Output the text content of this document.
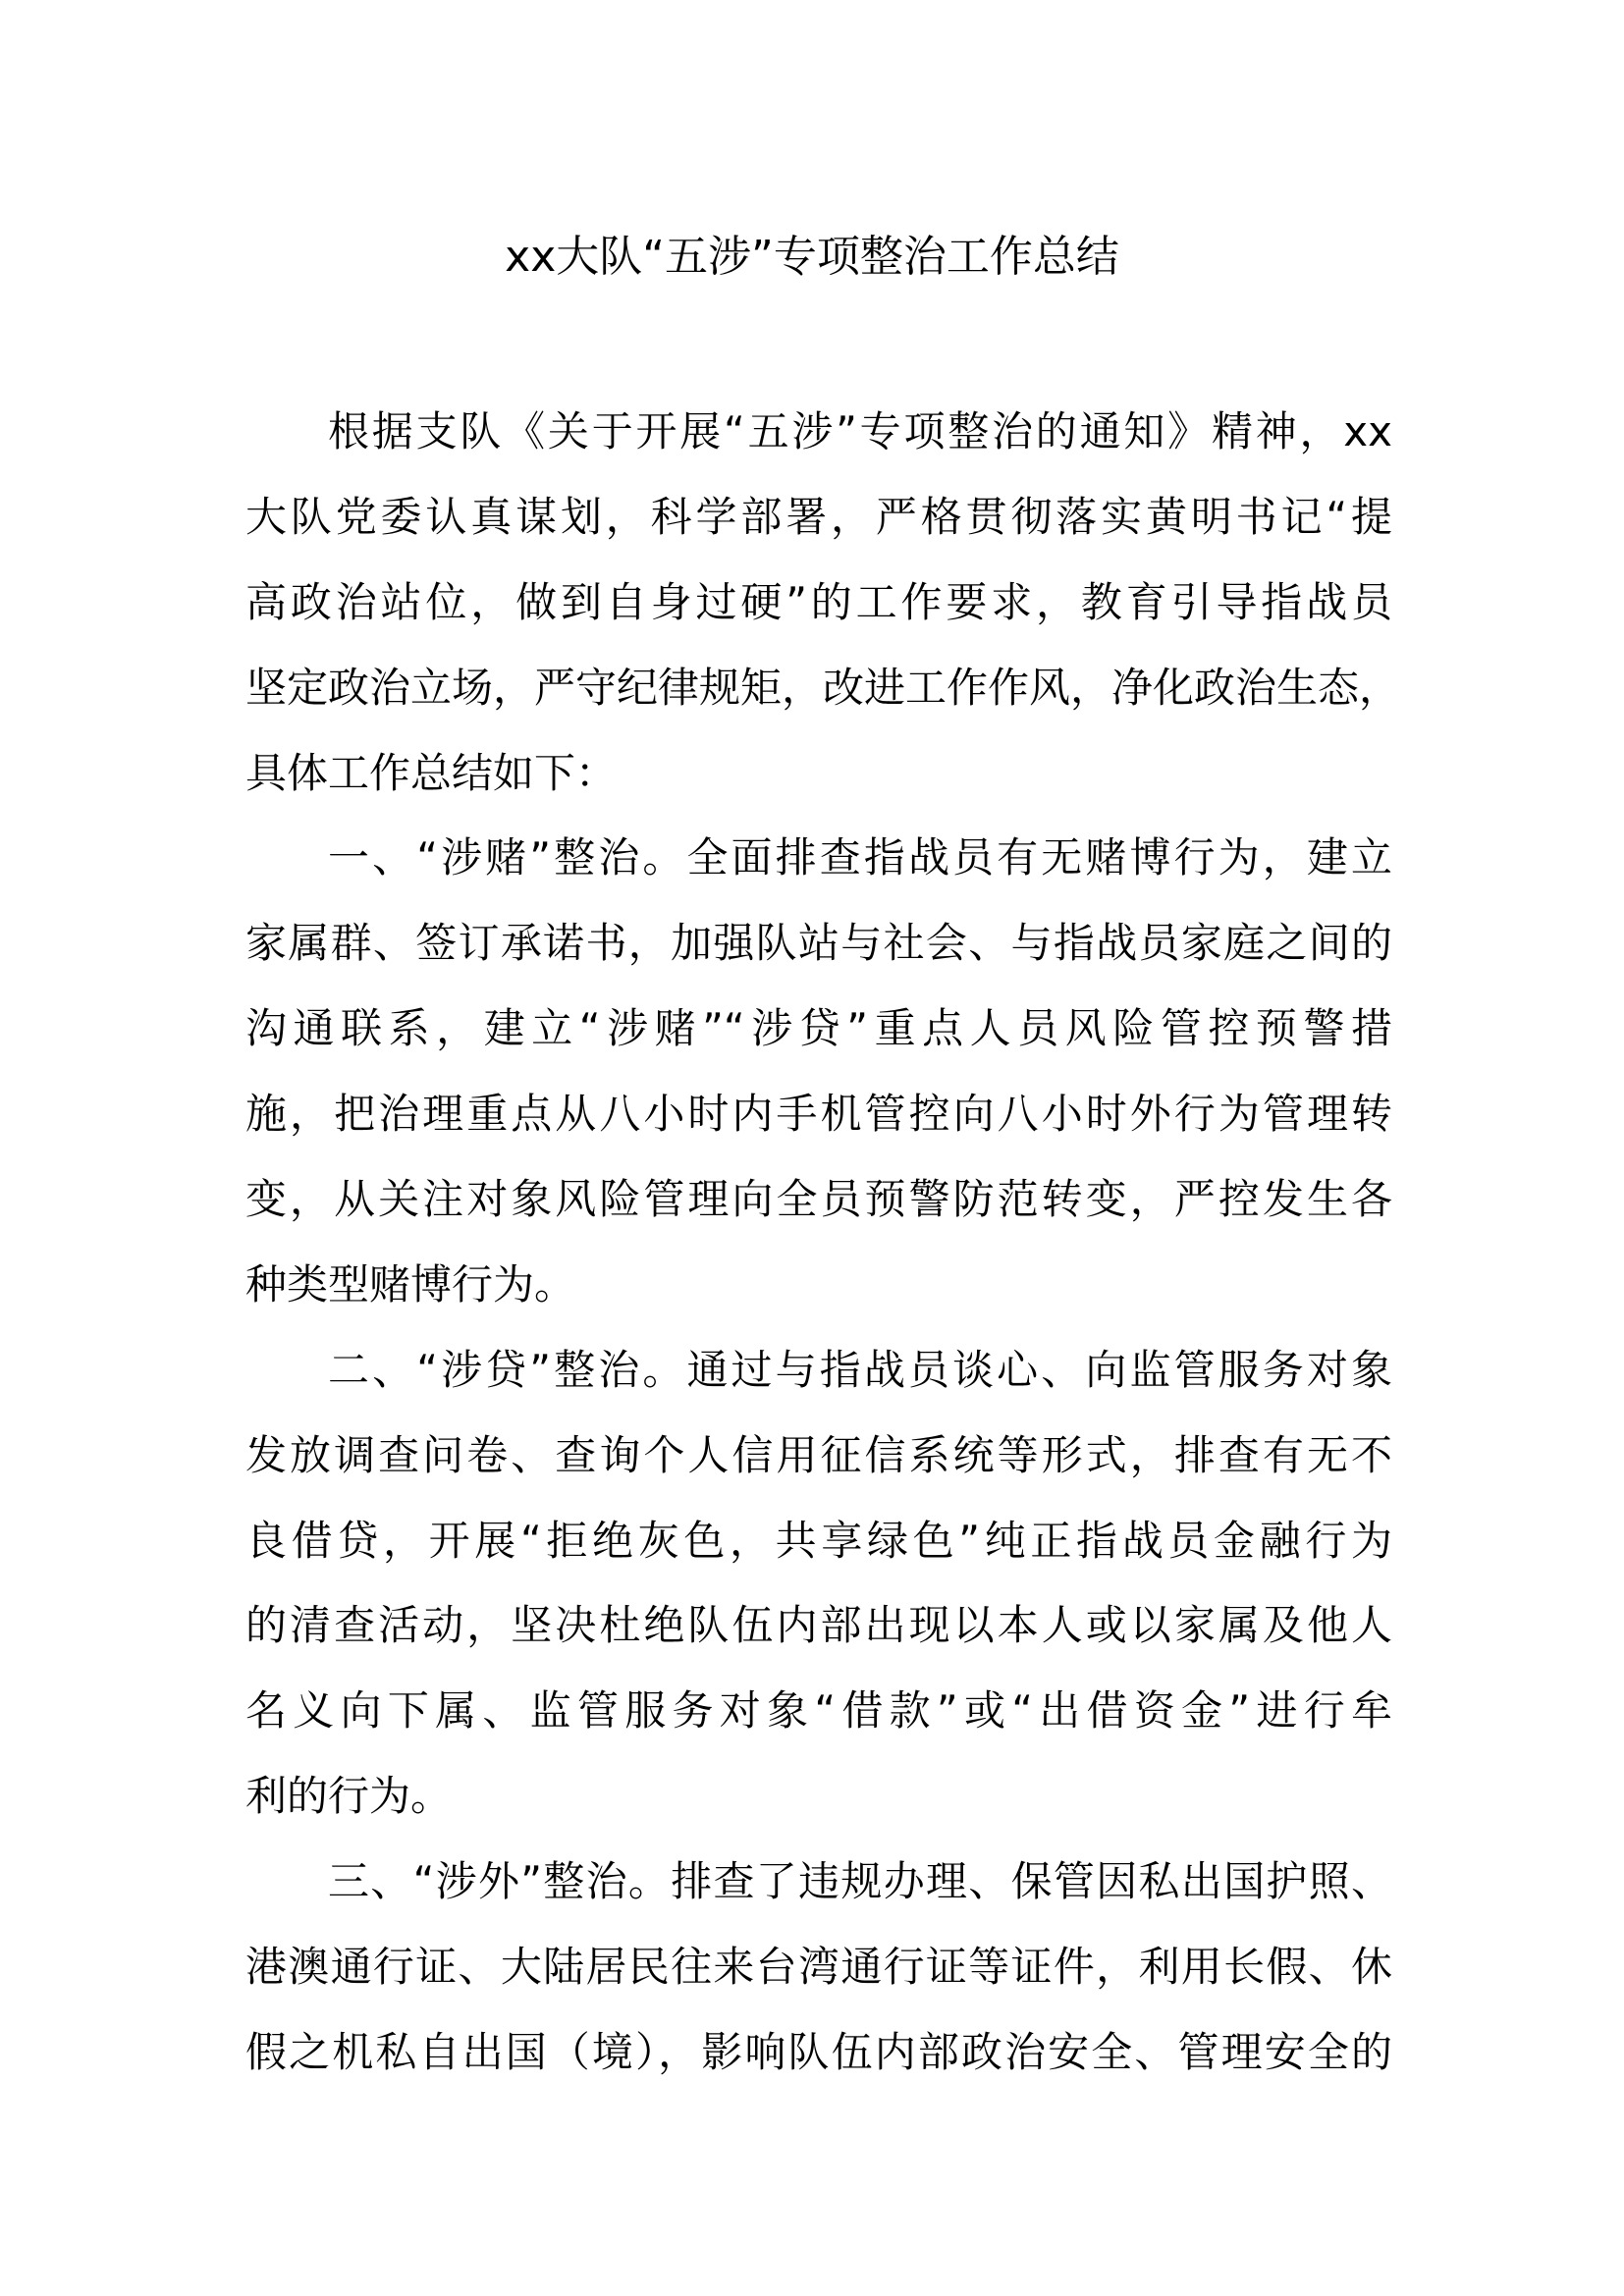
xx大队“五涉”专项整治工作总结
根据支队《关于开展“五涉”专项整治的通知》精神，xx
大队党委认真谋划，科学部署，严格贯彻落实黄明书记“提
高政治站位，做到自身过硬”的工作要求，教育引导指战员
坚定政治立场，严守纪律规矩，改进工作作风，净化政治生态，
具体工作总结如下：
一、“涉赌”整治。全面排查指战员有无赌博行为，建立
家属群、签订承诺书，加强队站与社会、与指战员家庭之间的
沟通联系，建立“涉赌”“涉贷”重点人员风险管控预警措
施，把治理重点从八小时内手机管控向八小时外行为管理转
变，从关注对象风险管理向全员预警防范转变，严控发生各
种类型赌博行为。
二、“涉贷”整治。通过与指战员谈心、向监管服务对象
发放调查问卷、查询个人信用征信系统等形式，排查有无不
良借贷，开展“拒绝灰色，共享绿色”纯正指战员金融行为
的清查活动，坚决杜绝队伍内部出现以本人或以家属及他人
名义向下属、监管服务对象“借款”或“出借资金”进行牟
利的行为。
三、“涉外”整治。排查了违规办理、保管因私出国护照、
港澳通行证、大陆居民往来台湾通行证等证件，利用长假、休
假之机私自出国（境），影响队伍内部政治安全、管理安全的
